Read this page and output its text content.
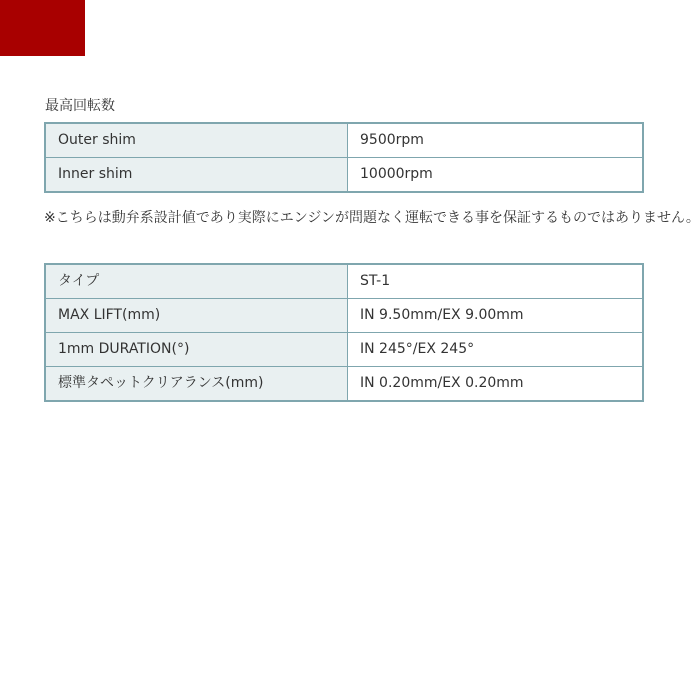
最高回転数
Outer shim	9500rpm
Inner shim	10000rpm

※こちらは動弁系設計値であり実際にエンジンが問題なく運転できる事を保証するものではありません。

タイプ	ST-1
MAX LIFT(mm)	IN 9.50mm/EX 9.00mm
1mm DURATION(°)	IN 245°/EX 245°
標準タペットクリアランス(mm)	IN 0.20mm/EX 0.20mm
